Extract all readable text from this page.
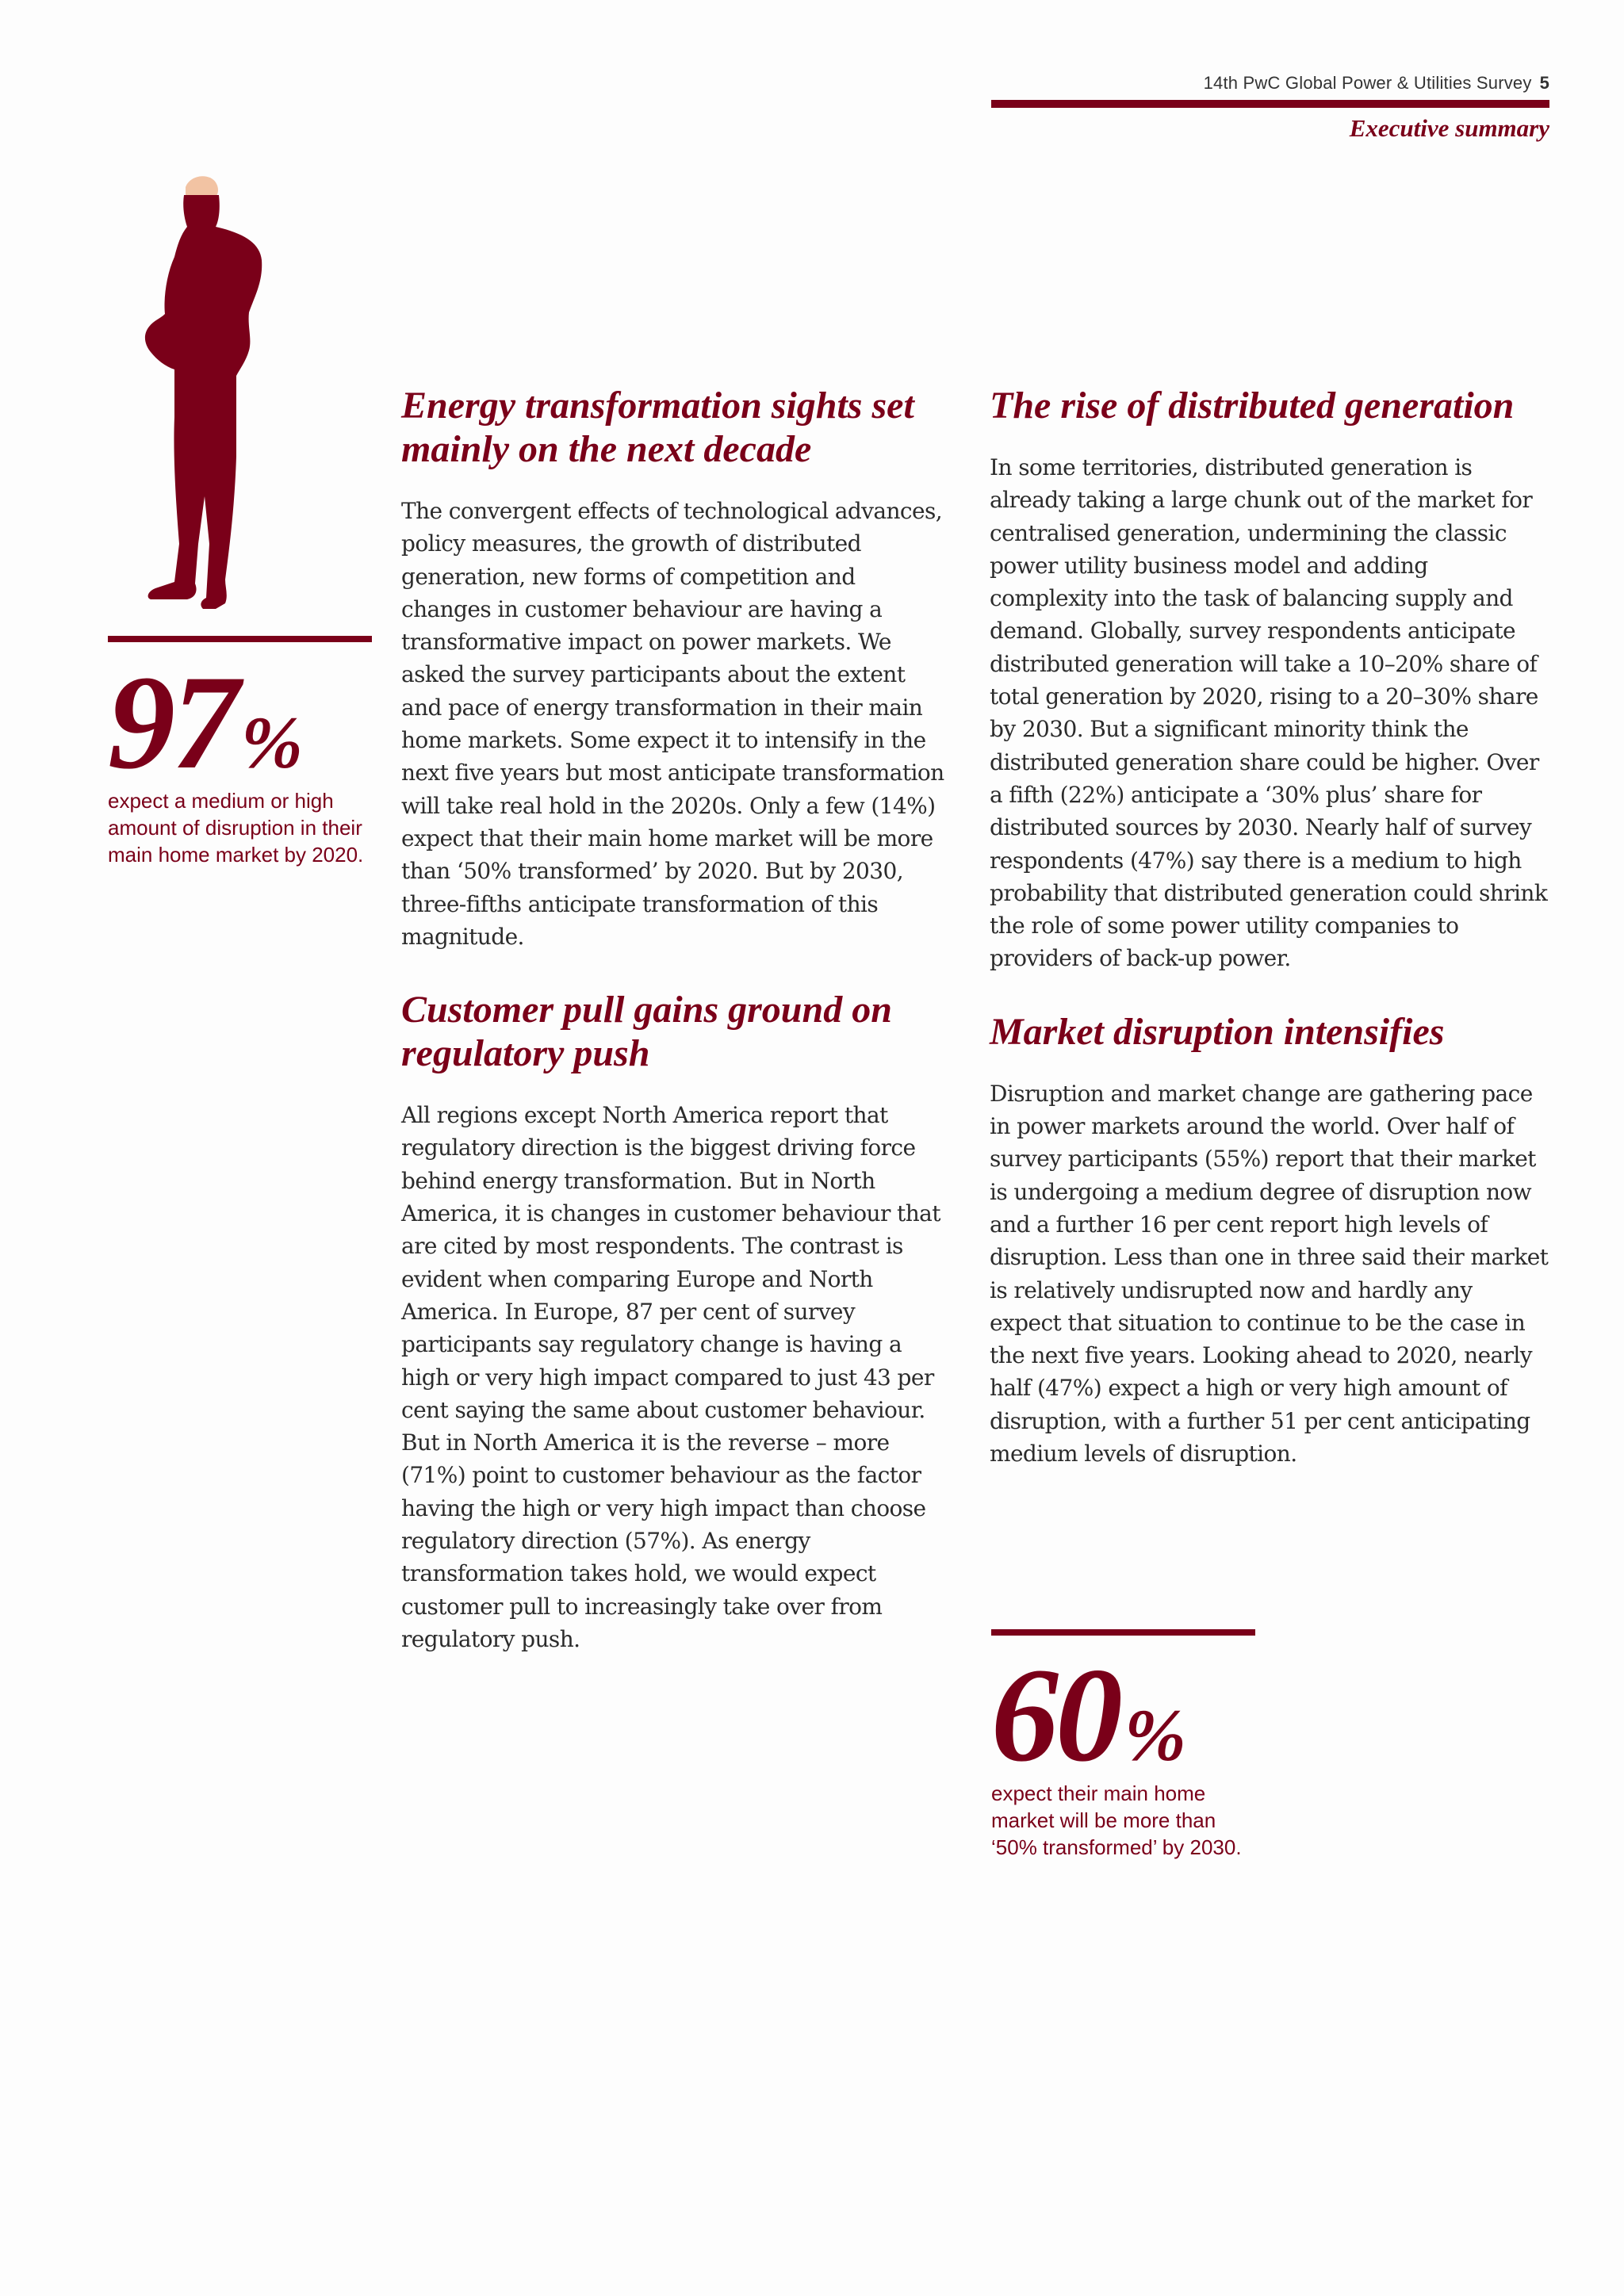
14th PwC Global Power & Utilities Survey 5
Executive summary
97%
expect a medium or high amount of disruption in their main home market by 2020.
Energy transformation sights set mainly on the next decade

The convergent effects of technological advances, policy measures, the growth of distributed generation, new forms of competition and changes in customer behaviour are having a transformative impact on power markets. We asked the survey participants about the extent and pace of energy transformation in their main home markets. Some expect it to intensify in the next five years but most anticipate transformation will take real hold in the 2020s. Only a few (14%) expect that their main home market will be more than ‘50% transformed’ by 2020. But by 2030, three-fifths anticipate transformation of this magnitude.

Customer pull gains ground on regulatory push

All regions except North America report that regulatory direction is the biggest driving force behind energy transformation. But in North America, it is changes in customer behaviour that are cited by most respondents. The contrast is evident when comparing Europe and North America. In Europe, 87 per cent of survey participants say regulatory change is having a high or very high impact compared to just 43 per cent saying the same about customer behaviour. But in North America it is the reverse – more (71%) point to customer behaviour as the factor having the high or very high impact than choose regulatory direction (57%). As energy transformation takes hold, we would expect customer pull to increasingly take over from regulatory push.

The rise of distributed generation

In some territories, distributed generation is already taking a large chunk out of the market for centralised generation, undermining the classic power utility business model and adding complexity into the task of balancing supply and demand. Globally, survey respondents anticipate distributed generation will take a 10–20% share of total generation by 2020, rising to a 20–30% share by 2030. But a significant minority think the distributed generation share could be higher. Over a fifth (22%) anticipate a ‘30% plus’ share for distributed sources by 2030. Nearly half of survey respondents (47%) say there is a medium to high probability that distributed generation could shrink the role of some power utility companies to providers of back-up power.

Market disruption intensifies

Disruption and market change are gathering pace in power markets around the world. Over half of survey participants (55%) report that their market is undergoing a medium degree of disruption now and a further 16 per cent report high levels of disruption. Less than one in three said their market is relatively undisrupted now and hardly any expect that situation to continue to be the case in the next five years. Looking ahead to 2020, nearly half (47%) expect a high or very high amount of disruption, with a further 51 per cent anticipating medium levels of disruption.

60%
expect their main home market will be more than ‘50% transformed’ by 2030.
